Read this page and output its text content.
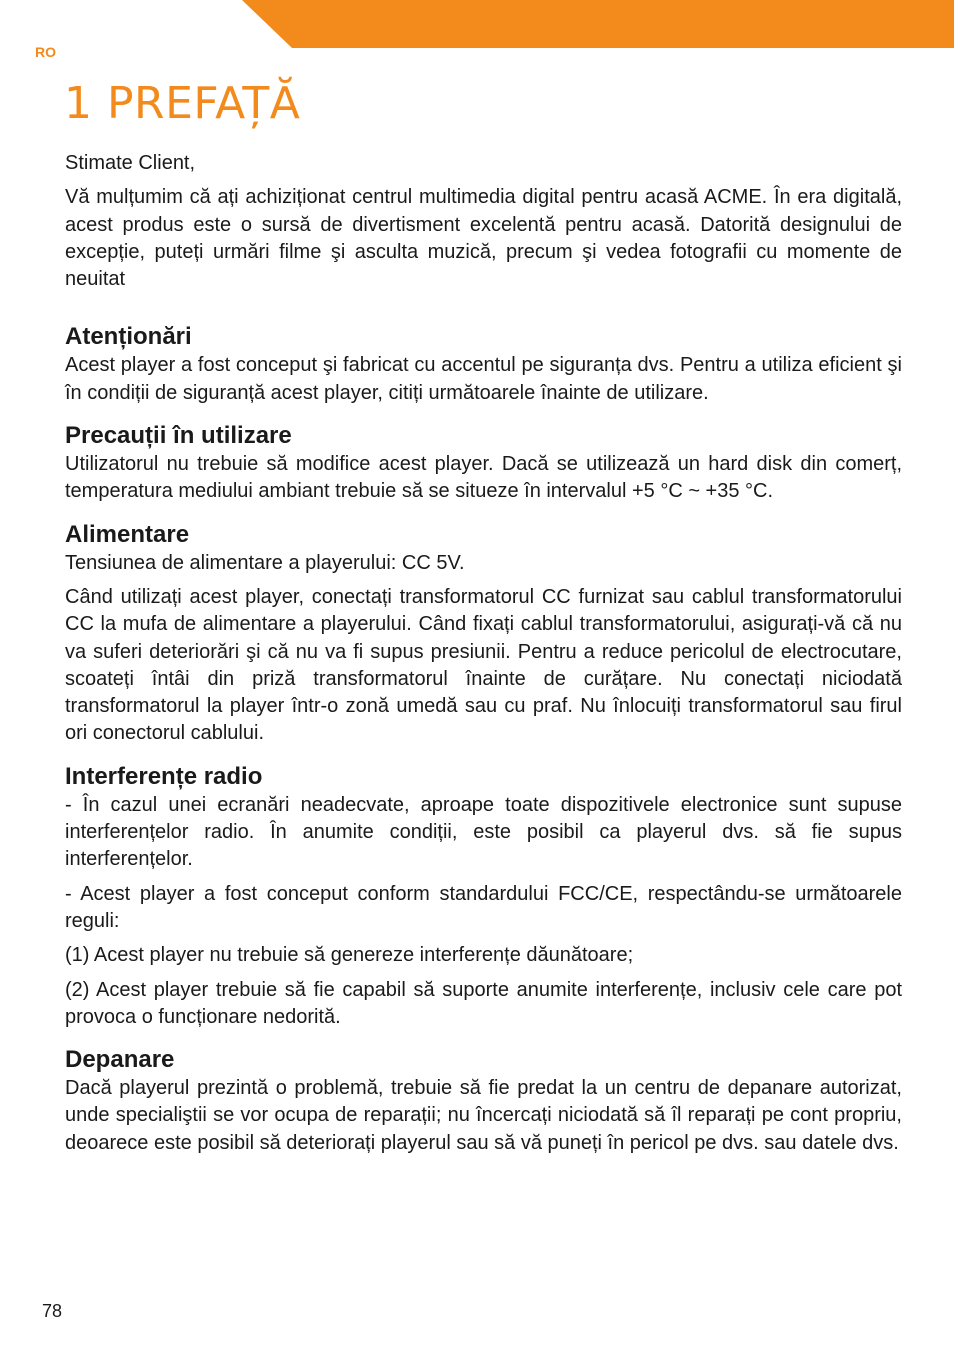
RO
1 PREFAȚĂ

Stimate Client,

Vă mulțumim că ați achiziționat centrul multimedia digital pentru acasă ACME. În era digitală, acest produs este o sursă de divertisment excelentă pentru acasă. Datorită designului de excepție, puteți urmări filme şi asculta muzică, precum şi vedea fotografii cu momente de neuitat

Atenționări

Acest player a fost conceput şi fabricat cu accentul pe siguranța dvs. Pentru a utiliza eficient şi în condiții de siguranță acest player, citiți următoarele înainte de utilizare.

Precauții în utilizare

Utilizatorul nu trebuie să modifice acest player. Dacă se utilizează un hard disk din comerț, temperatura mediului ambiant trebuie să se situeze în intervalul +5 °C ~ +35 °C.

Alimentare

Tensiunea de alimentare a playerului: CC 5V.

Când utilizați acest player, conectați transformatorul CC furnizat sau cablul transformatorului CC la mufa de alimentare a playerului. Când fixați cablul transformatorului, asigurați-vă că nu va suferi deteriorări şi că nu va fi supus presiunii. Pentru a reduce pericolul de electrocutare, scoateți întâi din priză transformatorul înainte de curățare. Nu conectați niciodată transformatorul la player într-o zonă umedă sau cu praf. Nu înlocuiți transformatorul sau firul ori conectorul cablului.

Interferențe radio

- În cazul unei ecranări neadecvate, aproape toate dispozitivele electronice sunt supuse interferențelor radio. În anumite condiții, este posibil ca playerul dvs. să fie supus interferențelor.

- Acest player a fost conceput conform standardului FCC/CE, respectându-se următoarele reguli:

(1) Acest player nu trebuie să genereze interferențe dăunătoare;

(2) Acest player trebuie să fie capabil să suporte anumite interferențe, inclusiv cele care pot provoca o funcționare nedorită.

Depanare

Dacă playerul prezintă o problemă, trebuie să fie predat la un centru de depanare autorizat, unde specialiştii se vor ocupa de reparații; nu încercați niciodată să îl reparați pe cont propriu, deoarece este posibil să deteriorați playerul sau să vă puneți în pericol pe dvs. sau datele dvs.

78
